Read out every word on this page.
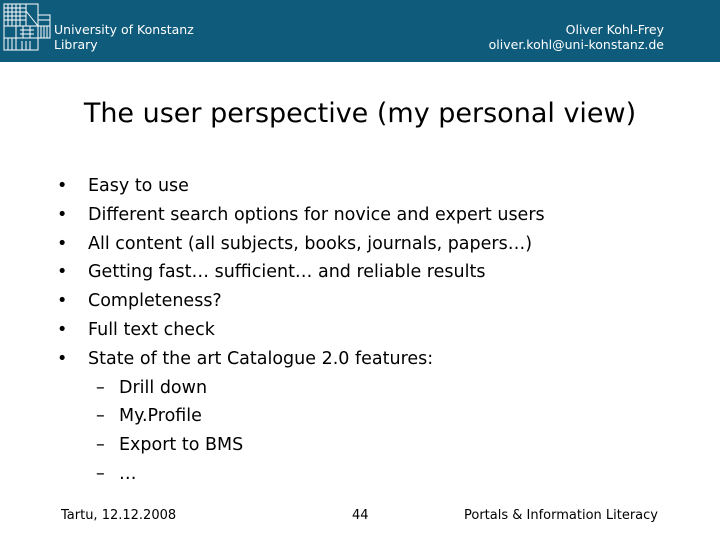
University of Konstanz
Library
Oliver Kohl-Frey
oliver.kohl@uni-konstanz.de
The user perspective (my personal view)
• Easy to use
• Different search options for novice and expert users
• All content (all subjects, books, journals, papers…)
• Getting fast… sufficient… and reliable results
• Completeness?
• Full text check
• State of the art Catalogue 2.0 features:
– Drill down
– My.Profile
– Export to BMS
– …
Tartu, 12.12.2008	44	Portals & Information Literacy
